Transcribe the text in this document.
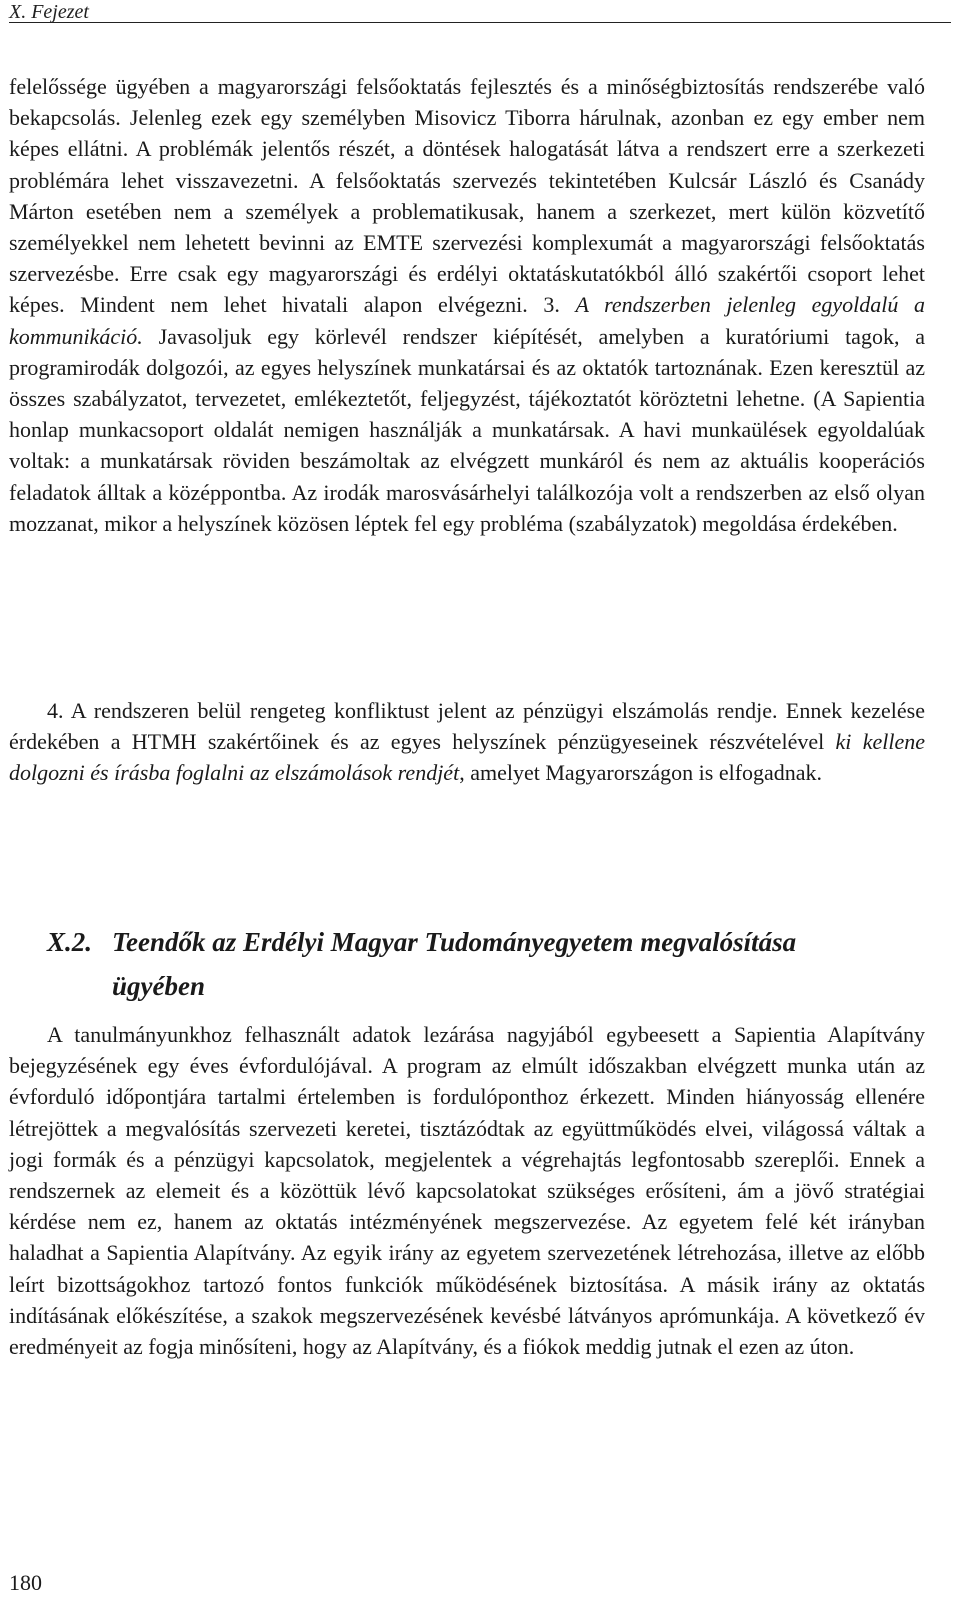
X. Fejezet

felelőssége ügyében a magyarországi felsőoktatás fejlesztés és a minőségbiztosítás rendszerébe való bekapcsolás. Jelenleg ezek egy személyben Misovicz Tiborra hárulnak, azonban ez egy ember nem képes ellátni. A problémák jelentős részét, a döntések halogatását látva a rendszert erre a szerkezeti problémára lehet visszavezetni. A felsőoktatás szervezés tekintetében Kulcsár László és Csanády Márton esetében nem a személyek a problematikusak, hanem a szerkezet, mert külön közvetítő személyekkel nem lehetett bevinni az EMTE szervezési komplexumát a magyarországi felsőoktatás szervezésbe. Erre csak egy magyarországi és erdélyi oktatáskutatókból álló szakértői csoport lehet képes. Mindent nem lehet hivatali alapon elvégezni. 3. A rendszerben jelenleg egyoldalú a kommunikáció. Javasoljuk egy körlevél rendszer kiépítését, amelyben a kuratóriumi tagok, a programirodák dolgozói, az egyes helyszínek munkatársai és az oktatók tartoznának. Ezen keresztül az összes szabályzatot, tervezetet, emlékeztetőt, feljegyzést, tájékoztatót köröztetni lehetne. (A Sapientia honlap munkacsoport oldalát nemigen használják a munkatársak. A havi munkaülések egyoldalúak voltak: a munkatársak röviden beszámoltak az elvégzett munkáról és nem az aktuális kooperációs feladatok álltak a középpontba. Az irodák marosvásárhelyi találkozója volt a rendszerben az első olyan mozzanat, mikor a helyszínek közösen léptek fel egy probléma (szabályzatok) megoldása érdekében.

4. A rendszeren belül rengeteg konfliktust jelent az pénzügyi elszámolás rendje. Ennek kezelése érdekében a HTMH szakértőinek és az egyes helyszínek pénzügyeseinek részvételével ki kellene dolgozni és írásba foglalni az elszámolások rendjét, amelyet Magyarországon is elfogadnak.

X.2. Teendők az Erdélyi Magyar Tudományegyetem megvalósítása
ügyében

A tanulmányunkhoz felhasznált adatok lezárása nagyjából egybeesett a Sapientia Alapítvány bejegyzésének egy éves évfordulójával. A program az elmúlt időszakban elvégzett munka után az évforduló időpontjára tartalmi értelemben is fordulóponthoz érkezett. Minden hiányosság ellenére létrejöttek a megvalósítás szervezeti keretei, tisztázódtak az együttműködés elvei, világossá váltak a jogi formák és a pénzügyi kapcsolatok, megjelentek a végrehajtás legfontosabb szereplői. Ennek a rendszernek az elemeit és a közöttük lévő kapcsolatokat szükséges erősíteni, ám a jövő stratégiai kérdése nem ez, hanem az oktatás intézményének megszervezése. Az egyetem felé két irányban haladhat a Sapientia Alapítvány. Az egyik irány az egyetem szervezetének létrehozása, illetve az előbb leírt bizottságokhoz tartozó fontos funkciók működésének biztosítása. A másik irány az oktatás indításának előkészítése, a szakok megszervezésének kevésbé látványos aprómunkája. A következő év eredményeit az fogja minősíteni, hogy az Alapítvány, és a fiókok meddig jutnak el ezen az úton.

180
